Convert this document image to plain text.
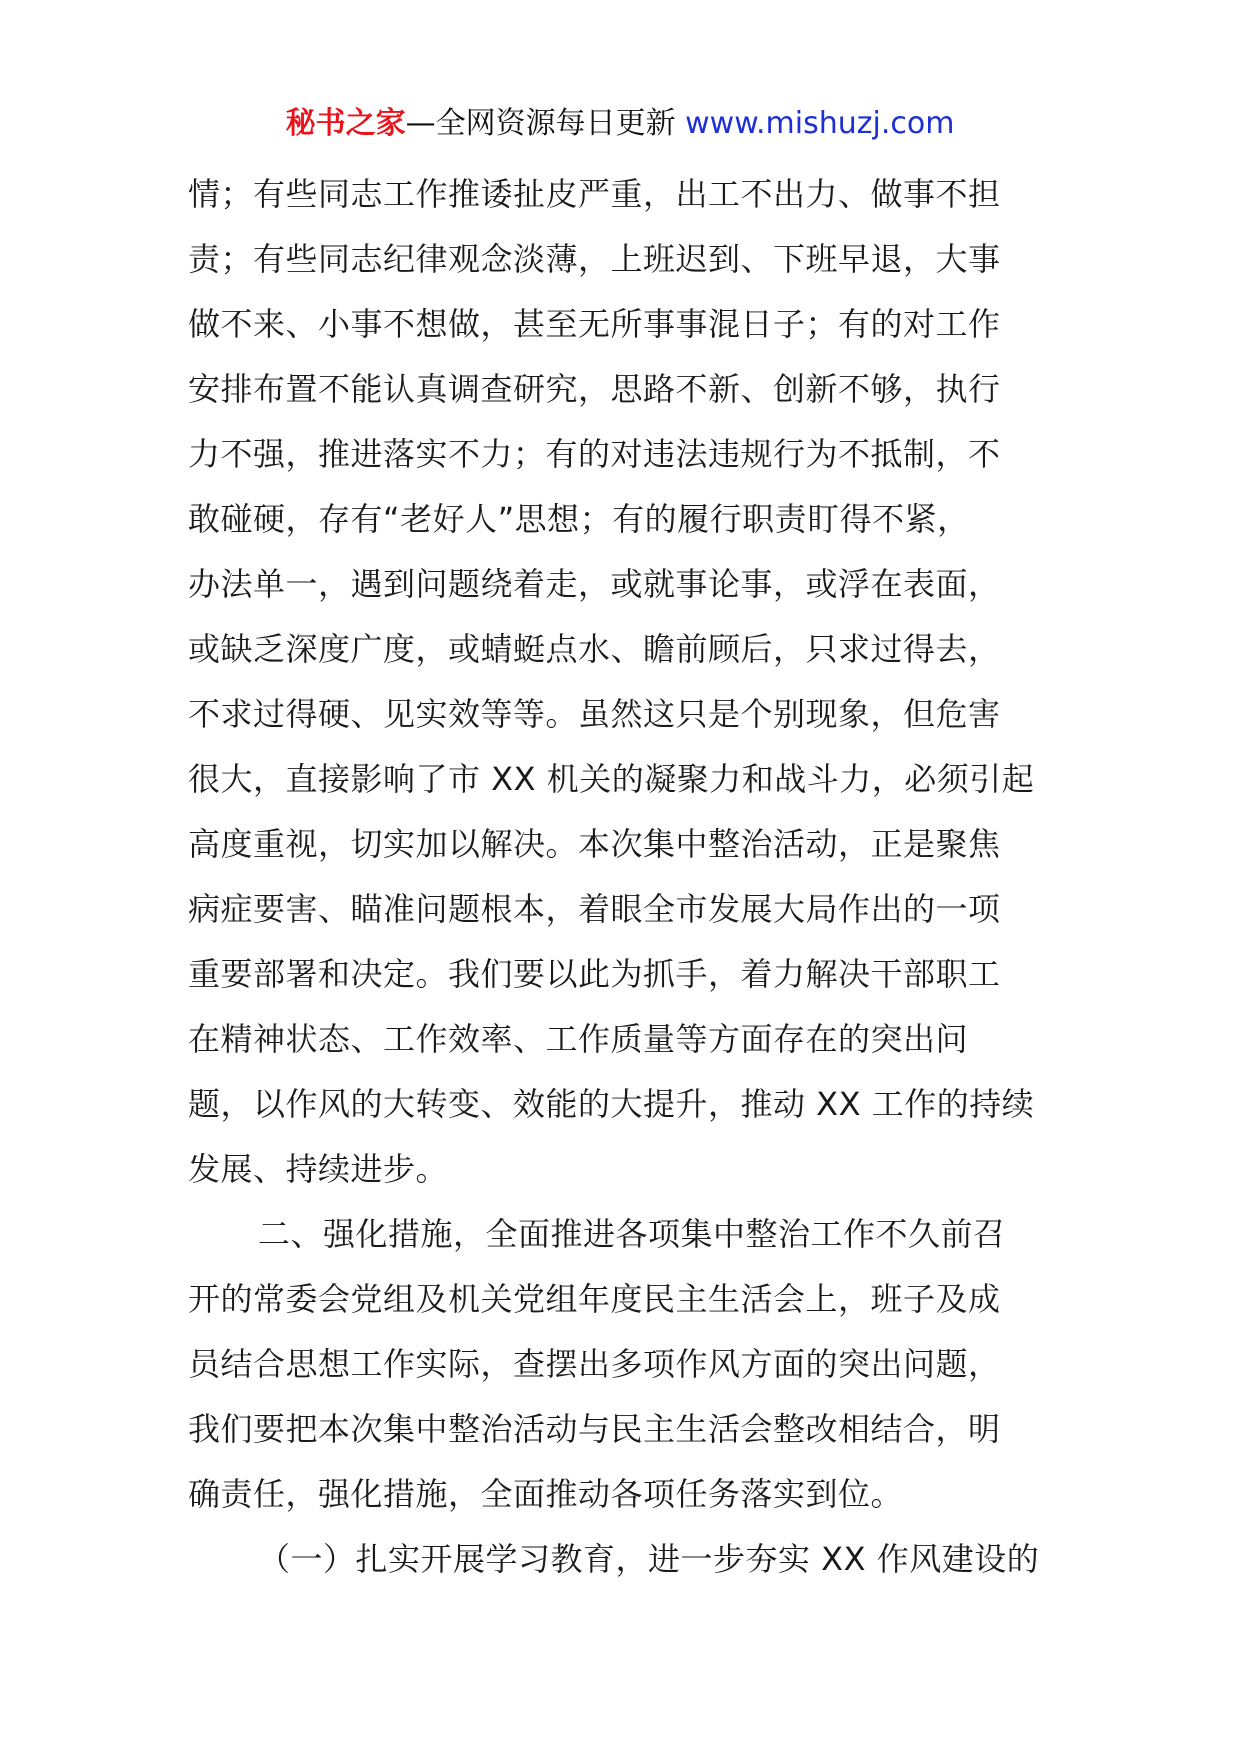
秘书之家—全网资源每日更新 www.mishuzj.com
情；有些同志工作推诿扯皮严重，出工不出力、做事不担
责；有些同志纪律观念淡薄，上班迟到、下班早退，大事
做不来、小事不想做，甚至无所事事混日子；有的对工作
安排布置不能认真调查研究，思路不新、创新不够，执行
力不强，推进落实不力；有的对违法违规行为不抵制，不
敢碰硬，存有“老好人”思想；有的履行职责盯得不紧，
办法单一，遇到问题绕着走，或就事论事，或浮在表面，
或缺乏深度广度，或蜻蜓点水、瞻前顾后，只求过得去，
不求过得硬、见实效等等。虽然这只是个别现象，但危害
很大，直接影响了市 XX 机关的凝聚力和战斗力，必须引起
高度重视，切实加以解决。本次集中整治活动，正是聚焦
病症要害、瞄准问题根本，着眼全市发展大局作出的一项
重要部署和决定。我们要以此为抓手，着力解决干部职工
在精神状态、工作效率、工作质量等方面存在的突出问
题，以作风的大转变、效能的大提升，推动 XX 工作的持续
发展、持续进步。
二、强化措施，全面推进各项集中整治工作不久前召
开的常委会党组及机关党组年度民主生活会上，班子及成
员结合思想工作实际，查摆出多项作风方面的突出问题，
我们要把本次集中整治活动与民主生活会整改相结合，明
确责任，强化措施，全面推动各项任务落实到位。
（一）扎实开展学习教育，进一步夯实 XX 作风建设的
